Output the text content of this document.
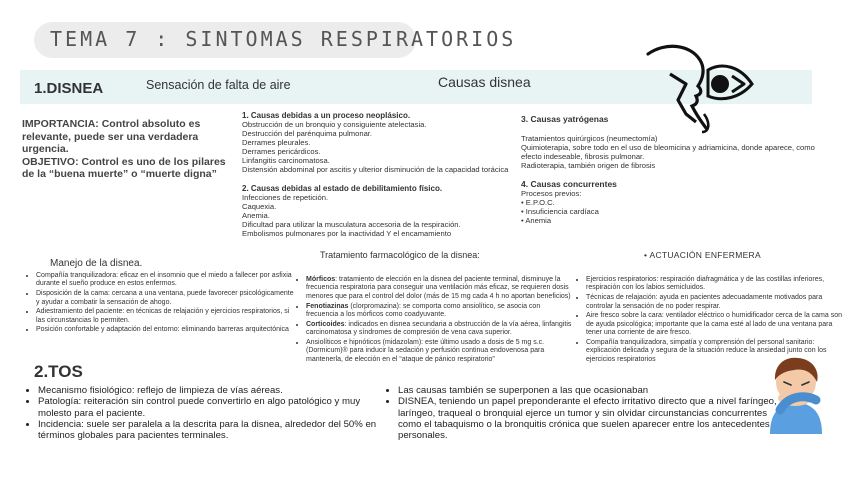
TEMA 7 : SINTOMAS RESPIRATORIOS
1.DISNEA	Sensación de falta de aire	Causas disnea
IMPORTANCIA: Control absoluto es relevante, puede ser una verdadera urgencia.
OBJETIVO: Control es uno de los pilares de la “buena muerte” o “muerte digna”
1. Causas debidas a un proceso neoplásico.
Obstrucción de un bronquio y consiguiente atelectasia.
Destrucción del parénquima pulmonar.
Derrames pleurales.
Derrames pericárdicos.
Linfangitis carcinomatosa.
Distensión abdominal por ascitis y ulterior disminución de la capacidad torácica
2. Causas debidas al estado de debilitamiento físico.
Infecciones de repetición.
Caquexia.
Anemia.
Dificultad para utilizar la musculatura accesoria de la respiración.
Embolismos pulmonares por la inactividad Y el encamamiento
3. Causas yatrógenas
Tratamientos quirúrgicos (neumectomía)
Quimioterapia, sobre todo en el uso de bleomicina y adriamicina, donde aparece, como efecto indeseable, fibrosis pulmonar.
Radioterapia, también origen de fibrosis
4. Causas concurrentes
Procesos previos:
• E.P.O.C.
• Insuficiencia cardíaca
• Anemia
Manejo de la disnea.
• Compañía tranquilizadora: eficaz en el insomnio que el miedo a fallecer por asfixia durante el sueño produce en estos enfermos.
• Disposición de la cama: cercana a una ventana, puede favorecer psicológicamente y ayudar a combatir la sensación de ahogo.
• Adiestramiento del paciente: en técnicas de relajación y ejercicios respiratorios, si las circunstancias lo permiten.
• Posición confortable y adaptación del entorno: eliminando barreras arquitectónica
Tratamiento farmacológico de la disnea:
• Mórficos: tratamiento de elección en la disnea del paciente terminal, disminuye la frecuencia respiratoria para conseguir una ventilación más eficaz, se requieren dosis menores que para el control del dolor (más de 15 mg cada 4 h no aportan beneficios)
• Fenotiazinas (clorpromazina): se comporta como ansiolítico, se asocia con frecuencia a los mórficos como coadyuvante.
• Corticoides: indicados en disnea secundaria a obstrucción de la vía aérea, linfangitis carcinomatosa y síndromes de compresión de vena cava superior.
• Ansiolíticos e hipnóticos (midazolam): este último usado a dosis de 5 mg s.c. (Dormicum)® para inducir la sedación y perfusión continua endovenosa para mantenerla, de elección en el “ataque de pánico respiratorio”
• ACTUACIÓN ENFERMERA
• Ejercicios respiratorios: respiración diafragmática y de las costillas inferiores, respiración con los labios semicluidos.
• Técnicas de relajación: ayuda en pacientes adecuadamente motivados para controlar la sensación de no poder respirar.
• Aire fresco sobre la cara: ventilador eléctrico o humidificador cerca de la cama son de ayuda psicológica; importante que la cama esté al lado de una ventana para tener una corriente de aire fresco.
• Compañía tranquilizadora, simpatía y comprensión del personal sanitario: explicación delicada y segura de la situación reduce la ansiedad junto con los ejercicios respiratorios
2.TOS
• Mecanismo fisiológico: reflejo de limpieza de vías aéreas.
• Patología: reiteración sin control puede convertirlo en algo patológico y muy molesto para el paciente.
• Incidencia: suele ser paralela a la descrita para la disnea, alrededor del 50% en términos globales para pacientes terminales.
• Las causas también se superponen a las que ocasionaban
• DISNEA, teniendo un papel preponderante el efecto irritativo directo que a nivel faríngeo, laríngeo, traqueal o bronquial ejerce un tumor y sin olvidar circunstancias concurrentes como el tabaquismo o la bronquitis crónica que suelen aparecer entre los antecedentes personales.
